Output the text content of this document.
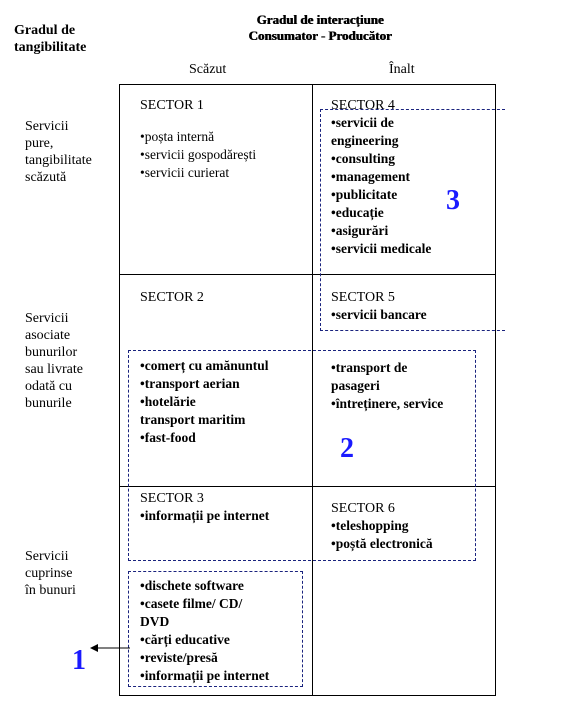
Gradul de
tangibilitate
Gradul de interacțiune
Consumator - Producător
Scăzut	Înalt
Servicii
pure,
tangibilitate
scăzută
Servicii
asociate
bunurilor
sau livrate
odată cu
bunurile
Servicii
cuprinse
în bunuri
SECTOR 1
• poșta internă
• servicii gospodărești
• servicii curierat
SECTOR 4
• servicii de engineering
• consulting
• management
• publicitate
• educație
• asigurări
• servicii medicale
SECTOR 2
• comerț cu amănuntul
• transport aerian
• hotelărie
transport maritim
• fast-food
SECTOR 5
• servicii bancare
• transport de pasageri
• întreținere, service
SECTOR 3
• informații pe internet	SECTOR 6
• teleshopping
• poștă electronică
• dischete software
• casete filme/ CD/ DVD
• cărți educative
• reviste/presă
• informații pe internet
1
2
3
